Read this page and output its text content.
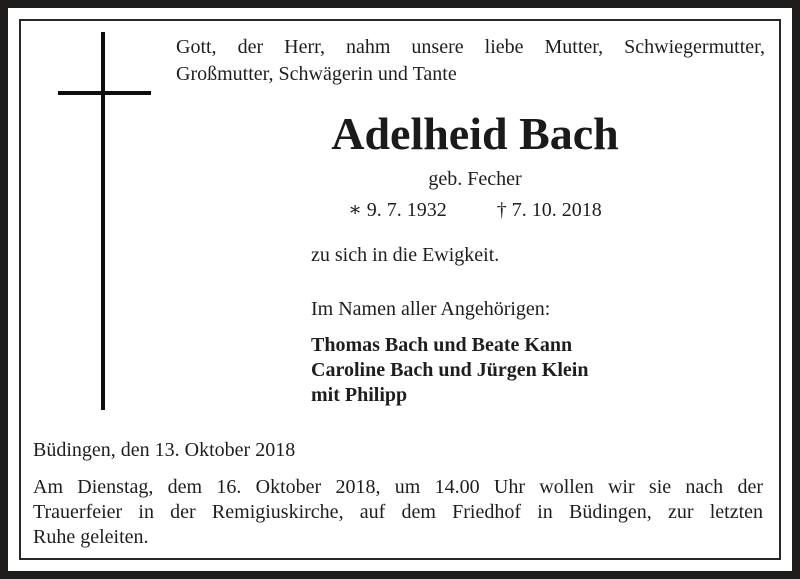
Gott, der Herr, nahm unsere liebe Mutter, Schwiegermutter,
Großmutter, Schwägerin und Tante
Adelheid Bach
geb. Fecher
∗ 9. 7. 1932	† 7. 10. 2018
zu sich in die Ewigkeit.
Im Namen aller Angehörigen:
Thomas Bach und Beate Kann
Caroline Bach und Jürgen Klein
mit Philipp
Büdingen, den 13. Oktober 2018
Am Dienstag, dem 16. Oktober 2018, um 14.00 Uhr wollen wir sie nach der
Trauerfeier in der Remigiuskirche, auf dem Friedhof in Büdingen, zur letzten
Ruhe geleiten.
